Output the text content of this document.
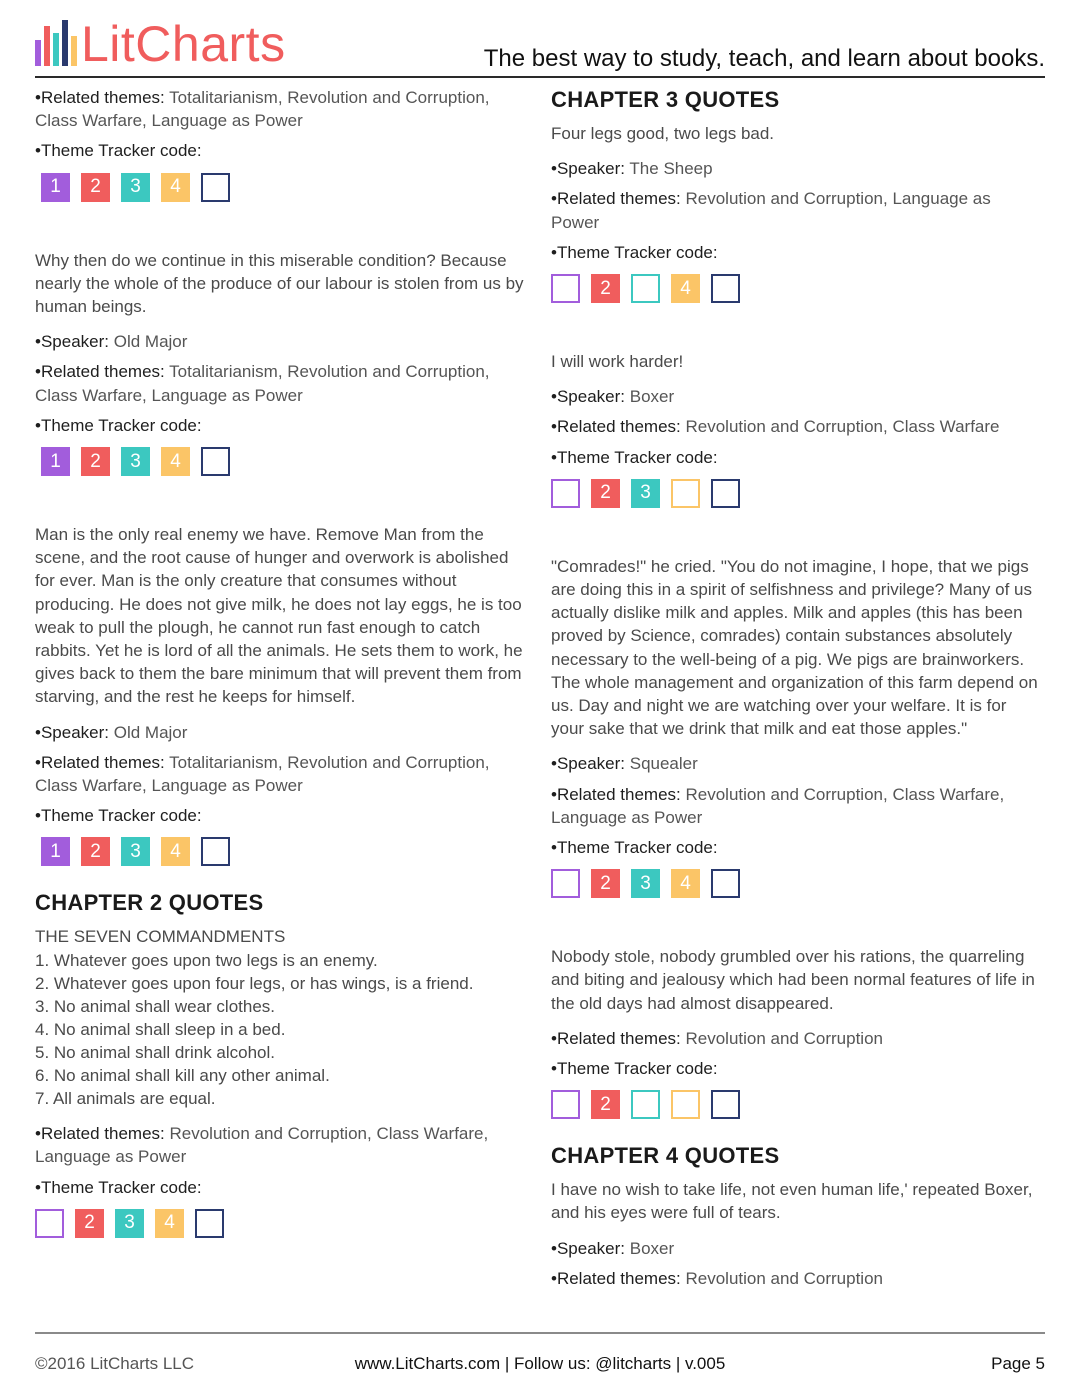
LitCharts	The best way to study, teach, and learn about books.

•Related themes: Totalitarianism, Revolution and Corruption, Class Warfare, Language as Power

•Theme Tracker code:

1	2	3	4

Why then do we continue in this miserable condition? Because nearly the whole of the produce of our labour is stolen from us by human beings.

•Speaker: Old Major

•Related themes: Totalitarianism, Revolution and Corruption, Class Warfare, Language as Power

•Theme Tracker code:

1	2	3	4

Man is the only real enemy we have. Remove Man from the scene, and the root cause of hunger and overwork is abolished for ever. Man is the only creature that consumes without producing. He does not give milk, he does not lay eggs, he is too weak to pull the plough, he cannot run fast enough to catch rabbits. Yet he is lord of all the animals. He sets them to work, he gives back to them the bare minimum that will prevent them from starving, and the rest he keeps for himself.

•Speaker: Old Major

•Related themes: Totalitarianism, Revolution and Corruption, Class Warfare, Language as Power

•Theme Tracker code:

1	2	3	4
CHAPTER 2 QUOTES
THE SEVEN COMMANDMENTS
1. Whatever goes upon two legs is an enemy.
2. Whatever goes upon four legs, or has wings, is a friend.
3. No animal shall wear clothes.
4. No animal shall sleep in a bed.
5. No animal shall drink alcohol.
6. No animal shall kill any other animal.
7. All animals are equal.

•Related themes: Revolution and Corruption, Class Warfare, Language as Power

•Theme Tracker code:

2	3	4
CHAPTER 3 QUOTES

Four legs good, two legs bad.

•Speaker: The Sheep

•Related themes: Revolution and Corruption, Language as Power

•Theme Tracker code:

2	4

I will work harder!

•Speaker: Boxer

•Related themes: Revolution and Corruption, Class Warfare

•Theme Tracker code:

2	3

"Comrades!" he cried. "You do not imagine, I hope, that we pigs are doing this in a spirit of selfishness and privilege? Many of us actually dislike milk and apples. Milk and apples (this has been proved by Science, comrades) contain substances absolutely necessary to the well-being of a pig. We pigs are brainworkers. The whole management and organization of this farm depend on us. Day and night we are watching over your welfare. It is for your sake that we drink that milk and eat those apples."

•Speaker: Squealer

•Related themes: Revolution and Corruption, Class Warfare, Language as Power

•Theme Tracker code:

2	3	4

Nobody stole, nobody grumbled over his rations, the quarreling and biting and jealousy which had been normal features of life in the old days had almost disappeared.

•Related themes: Revolution and Corruption

•Theme Tracker code:

2
CHAPTER 4 QUOTES

I have no wish to take life, not even human life,' repeated Boxer, and his eyes were full of tears.

•Speaker: Boxer

•Related themes: Revolution and Corruption

©2016 LitCharts LLC	www.LitCharts.com | Follow us: @litcharts | v.005	Page 5
